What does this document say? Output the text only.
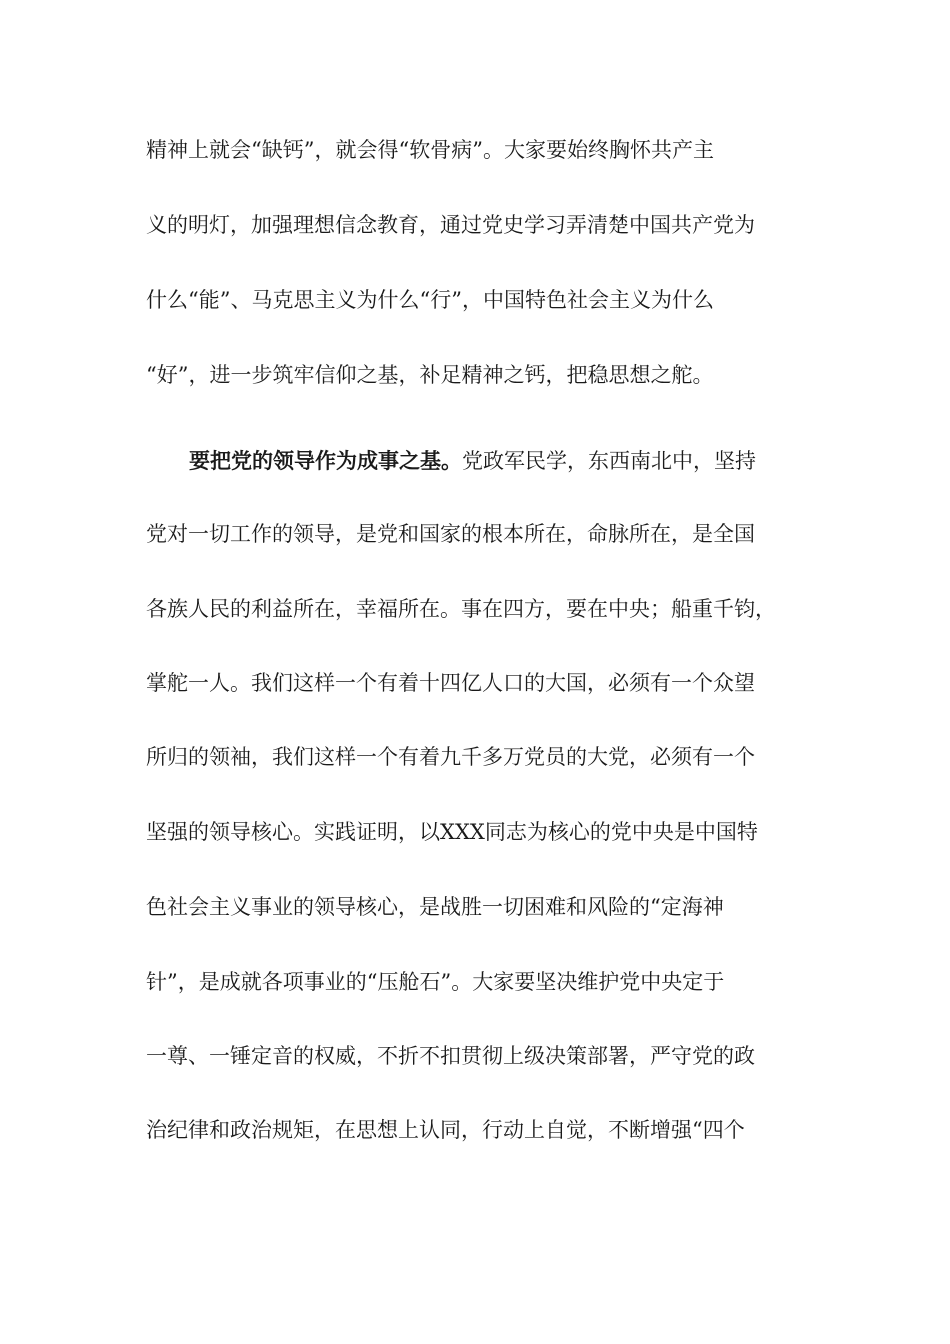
精神上就会“缺钙”，就会得“软骨病”。大家要始终胸怀共产主
义的明灯，加强理想信念教育，通过党史学习弄清楚中国共产党为
什么“能”、马克思主义为什么“行”，中国特色社会主义为什么
“好”，进一步筑牢信仰之基，补足精神之钙，把稳思想之舵。
要把党的领导作为成事之基。党政军民学，东西南北中，坚持
党对一切工作的领导，是党和国家的根本所在，命脉所在，是全国
各族人民的利益所在，幸福所在。事在四方，要在中央；船重千钧，
掌舵一人。我们这样一个有着十四亿人口的大国，必须有一个众望
所归的领袖，我们这样一个有着九千多万党员的大党，必须有一个
坚强的领导核心。实践证明，以XXX同志为核心的党中央是中国特
色社会主义事业的领导核心，是战胜一切困难和风险的“定海神
针”，是成就各项事业的“压舱石”。大家要坚决维护党中央定于
一尊、一锤定音的权威，不折不扣贯彻上级决策部署，严守党的政
治纪律和政治规矩，在思想上认同，行动上自觉，不断增强“四个
